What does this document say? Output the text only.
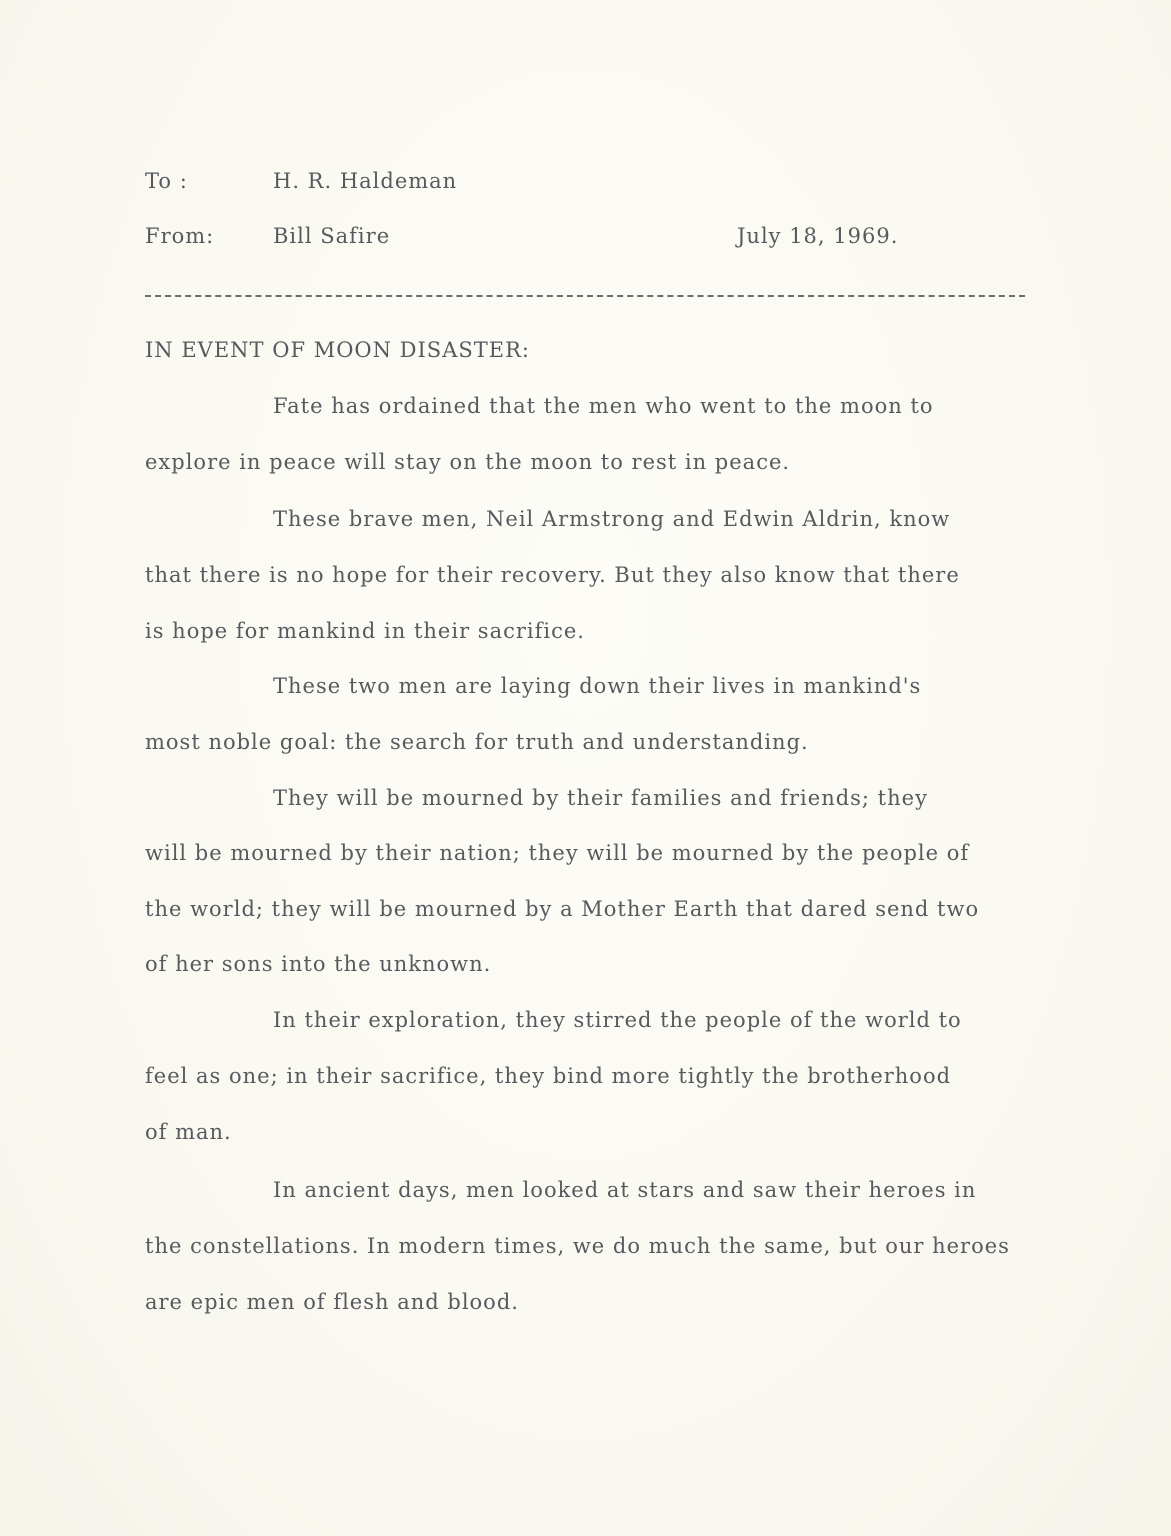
To :	H. R. Haldeman
From:	Bill Safire	July 18, 1969.
IN EVENT OF MOON DISASTER:
Fate has ordained that the men who went to the moon to
explore in peace will stay on the moon to rest in peace.
These brave men, Neil Armstrong and Edwin Aldrin, know
that there is no hope for their recovery. But they also know that there
is hope for mankind in their sacrifice.
These two men are laying down their lives in mankind's
most noble goal: the search for truth and understanding.
They will be mourned by their families and friends; they
will be mourned by their nation; they will be mourned by the people of
the world; they will be mourned by a Mother Earth that dared send two
of her sons into the unknown.
In their exploration, they stirred the people of the world to
feel as one; in their sacrifice, they bind more tightly the brotherhood
of man.
In ancient days, men looked at stars and saw their heroes in
the constellations. In modern times, we do much the same, but our heroes
are epic men of flesh and blood.
